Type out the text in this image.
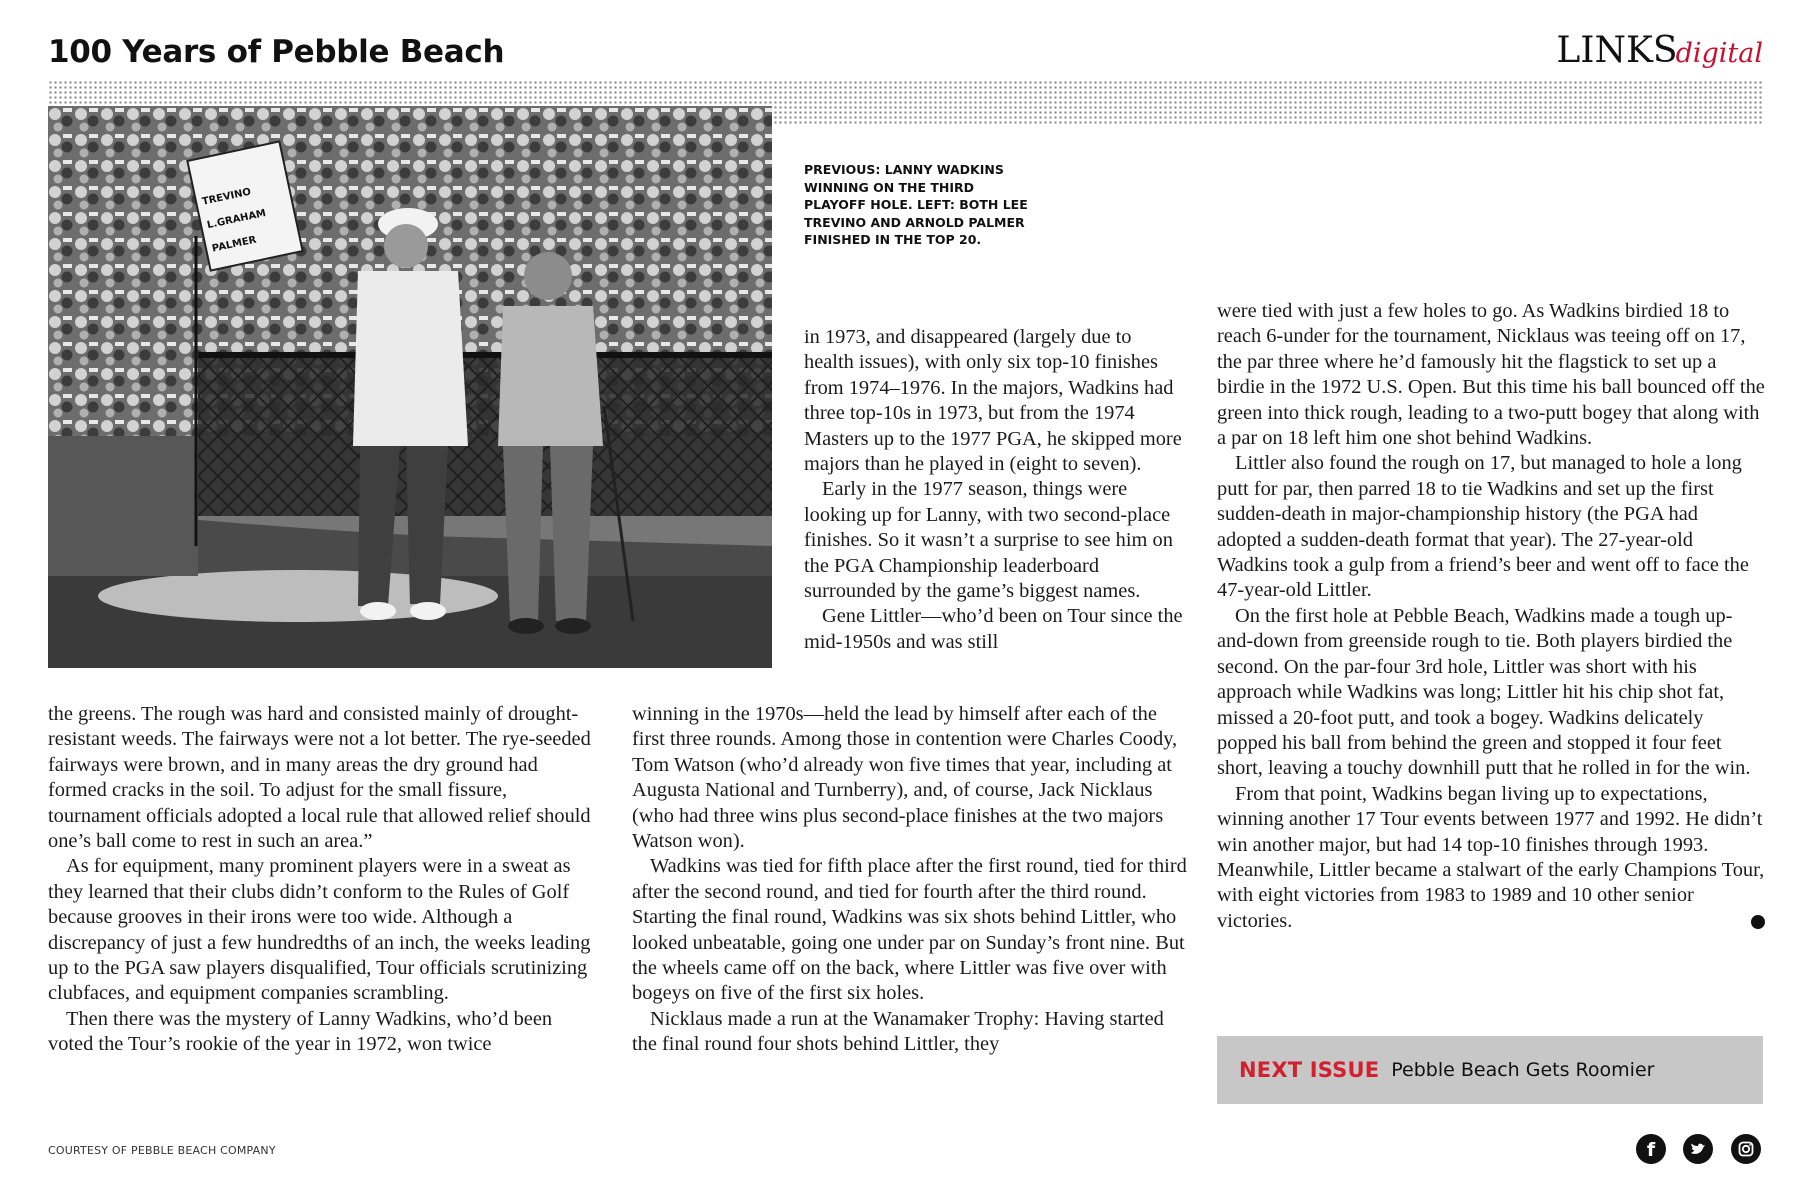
100 Years of Pebble Beach	LINKSdigital
TREVINO
L.GRAHAM
PALMER
PREVIOUS: LANNY WADKINS WINNING ON THE THIRD PLAYOFF HOLE. LEFT: BOTH LEE TREVINO AND ARNOLD PALMER FINISHED IN THE TOP 20.

the greens. The rough was hard and consisted mainly of drought-resistant weeds. The fairways were not a lot better. The rye-seeded fairways were brown, and in many areas the dry ground had formed cracks in the soil. To adjust for the small fissure, tournament officials adopted a local rule that allowed relief should one’s ball come to rest in such an area.”

As for equipment, many prominent players were in a sweat as they learned that their clubs didn’t conform to the Rules of Golf because grooves in their irons were too wide. Although a discrepancy of just a few hundredths of an inch, the weeks leading up to the PGA saw players disqualified, Tour officials scrutinizing clubfaces, and equipment companies scrambling.

Then there was the mystery of Lanny Wadkins, who’d been voted the Tour’s rookie of the year in 1972, won twice

in 1973, and disappeared (largely due to health issues), with only six top-10 finishes from 1974–1976. In the majors, Wadkins had three top-10s in 1973, but from the 1974 Masters up to the 1977 PGA, he skipped more majors than he played in (eight to seven).

Early in the 1977 season, things were looking up for Lanny, with two second-place finishes. So it wasn’t a surprise to see him on the PGA Championship leaderboard surrounded by the game’s biggest names.

Gene Littler—who’d been on Tour since the mid-1950s and was still

winning in the 1970s—held the lead by himself after each of the first three rounds. Among those in contention were Charles Coody, Tom Watson (who’d already won five times that year, including at Augusta National and Turnberry), and, of course, Jack Nicklaus (who had three wins plus second-place finishes at the two majors Watson won).

Wadkins was tied for fifth place after the first round, tied for third after the second round, and tied for fourth after the third round. Starting the final round, Wadkins was six shots behind Littler, who looked unbeatable, going one under par on Sunday’s front nine. But the wheels came off on the back, where Littler was five over with bogeys on five of the first six holes.

Nicklaus made a run at the Wanamaker Trophy: Having started the final round four shots behind Littler, they

were tied with just a few holes to go. As Wadkins birdied 18 to reach 6-under for the tournament, Nicklaus was teeing off on 17, the par three where he’d famously hit the flagstick to set up a birdie in the 1972 U.S. Open. But this time his ball bounced off the green into thick rough, leading to a two-putt bogey that along with a par on 18 left him one shot behind Wadkins.

Littler also found the rough on 17, but managed to hole a long putt for par, then parred 18 to tie Wadkins and set up the first sudden-death in major-championship history (the PGA had adopted a sudden-death format that year). The 27-year-old Wadkins took a gulp from a friend’s beer and went off to face the 47-year-old Littler.

On the first hole at Pebble Beach, Wadkins made a tough up-and-down from greenside rough to tie. Both players birdied the second. On the par-four 3rd hole, Littler was short with his approach while Wadkins was long; Littler hit his chip shot fat, missed a 20-foot putt, and took a bogey. Wadkins delicately popped his ball from behind the green and stopped it four feet short, leaving a touchy downhill putt that he rolled in for the win.

From that point, Wadkins began living up to expectations, winning another 17 Tour events between 1977 and 1992. He didn’t win another major, but had 14 top-10 finishes through 1993. Meanwhile, Littler became a stalwart of the early Champions Tour, with eight victories from 1983 to 1989 and 10 other senior victories.	L

NEXT ISSUE Pebble Beach Gets Roomier
COURTESY OF PEBBLE BEACH COMPANY	f
